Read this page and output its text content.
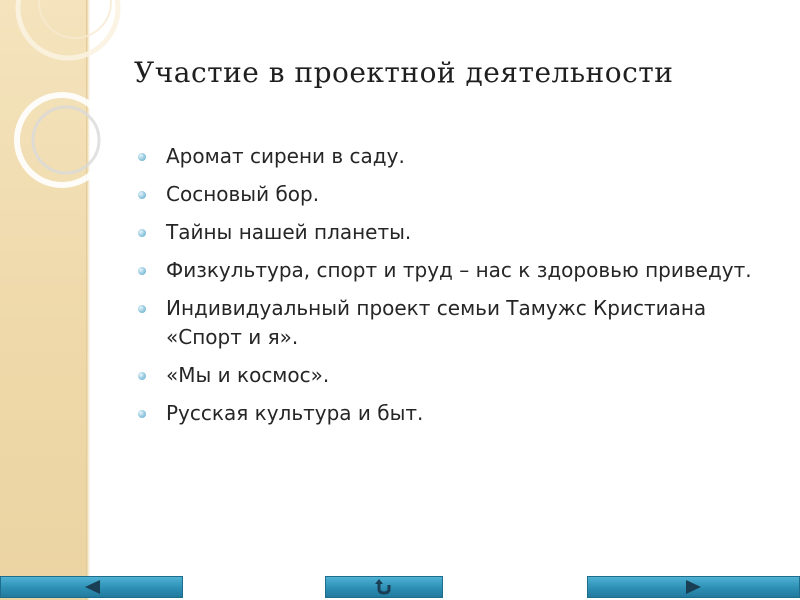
Участие в проектной деятельности
Аромат сирени в саду.
Сосновый бор.
Тайны нашей планеты.
Физкультура, спорт и труд – нас к здоровью приведут.
Индивидуальный проект семьи Тамужс Кристиана «Спорт и я».
«Мы и космос».
Русская культура и быт.
